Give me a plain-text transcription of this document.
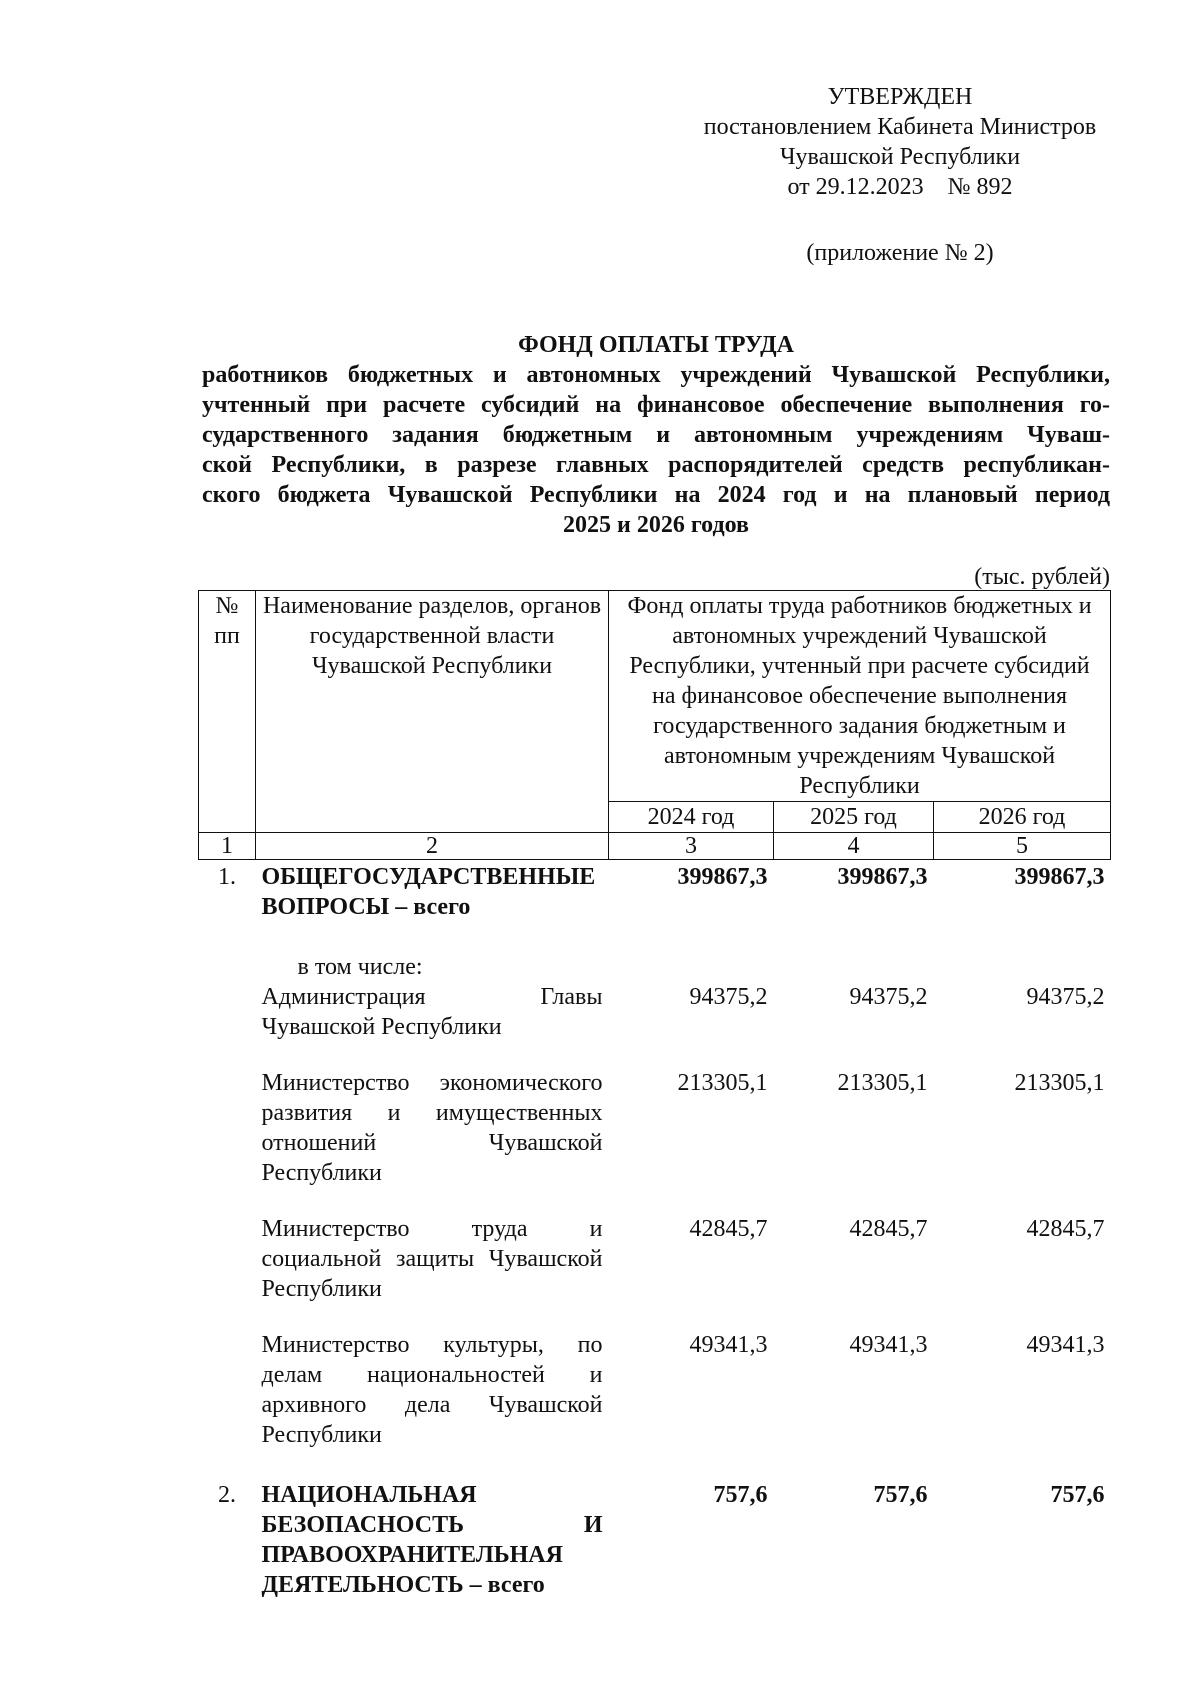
УТВЕРЖДЕН
постановлением Кабинета Министров
Чувашской Республики
от 29.12.2023    № 892
(приложение № 2)
ФОНД ОПЛАТЫ ТРУДА
работников бюджетных и автономных учреждений Чувашской Республики,
учтенный при расчете субсидий на финансовое обеспечение выполнения го-
сударственного задания бюджетным и автономным учреждениям Чуваш-
ской Республики, в разрезе главных распорядителей средств республикан-
ского бюджета Чувашской Республики на 2024 год и на плановый период
2025 и 2026 годов
(тыс. рублей)
№ пп	Наименование разделов, органов государственной власти Чувашской Республики	Фонд оплаты труда работников бюджетных и автономных учреждений Чувашской Республики, учтенный при расчете субсидий на финансовое обеспечение выполнения государственного задания бюджетным и автономным учреждениям Чувашской Республики		
		2024 год	2025 год	2026 год
1	2	3	4	5
1.	ОБЩЕГОСУДАРСТВЕННЫЕ ВОПРОСЫ – всего	399867,3	399867,3	399867,3

	в том числе:			

	Администрация Главы Чувашской Республики	94375,2	94375,2	94375,2
	Министерство экономического развития и имущественных отношений Чувашской Республики	213305,1	213305,1	213305,1
	Министерство труда и социальной защиты Чувашской Республики	42845,7	42845,7	42845,7
	Министерство культуры, по делам национальностей и архивного дела Чувашской Республики	49341,3	49341,3	49341,3
2.	НАЦИОНАЛЬНАЯ БЕЗОПАСНОСТЬ И ПРАВООХРАНИТЕЛЬНАЯ ДЕЯТЕЛЬНОСТЬ – всего	757,6	757,6	757,6
